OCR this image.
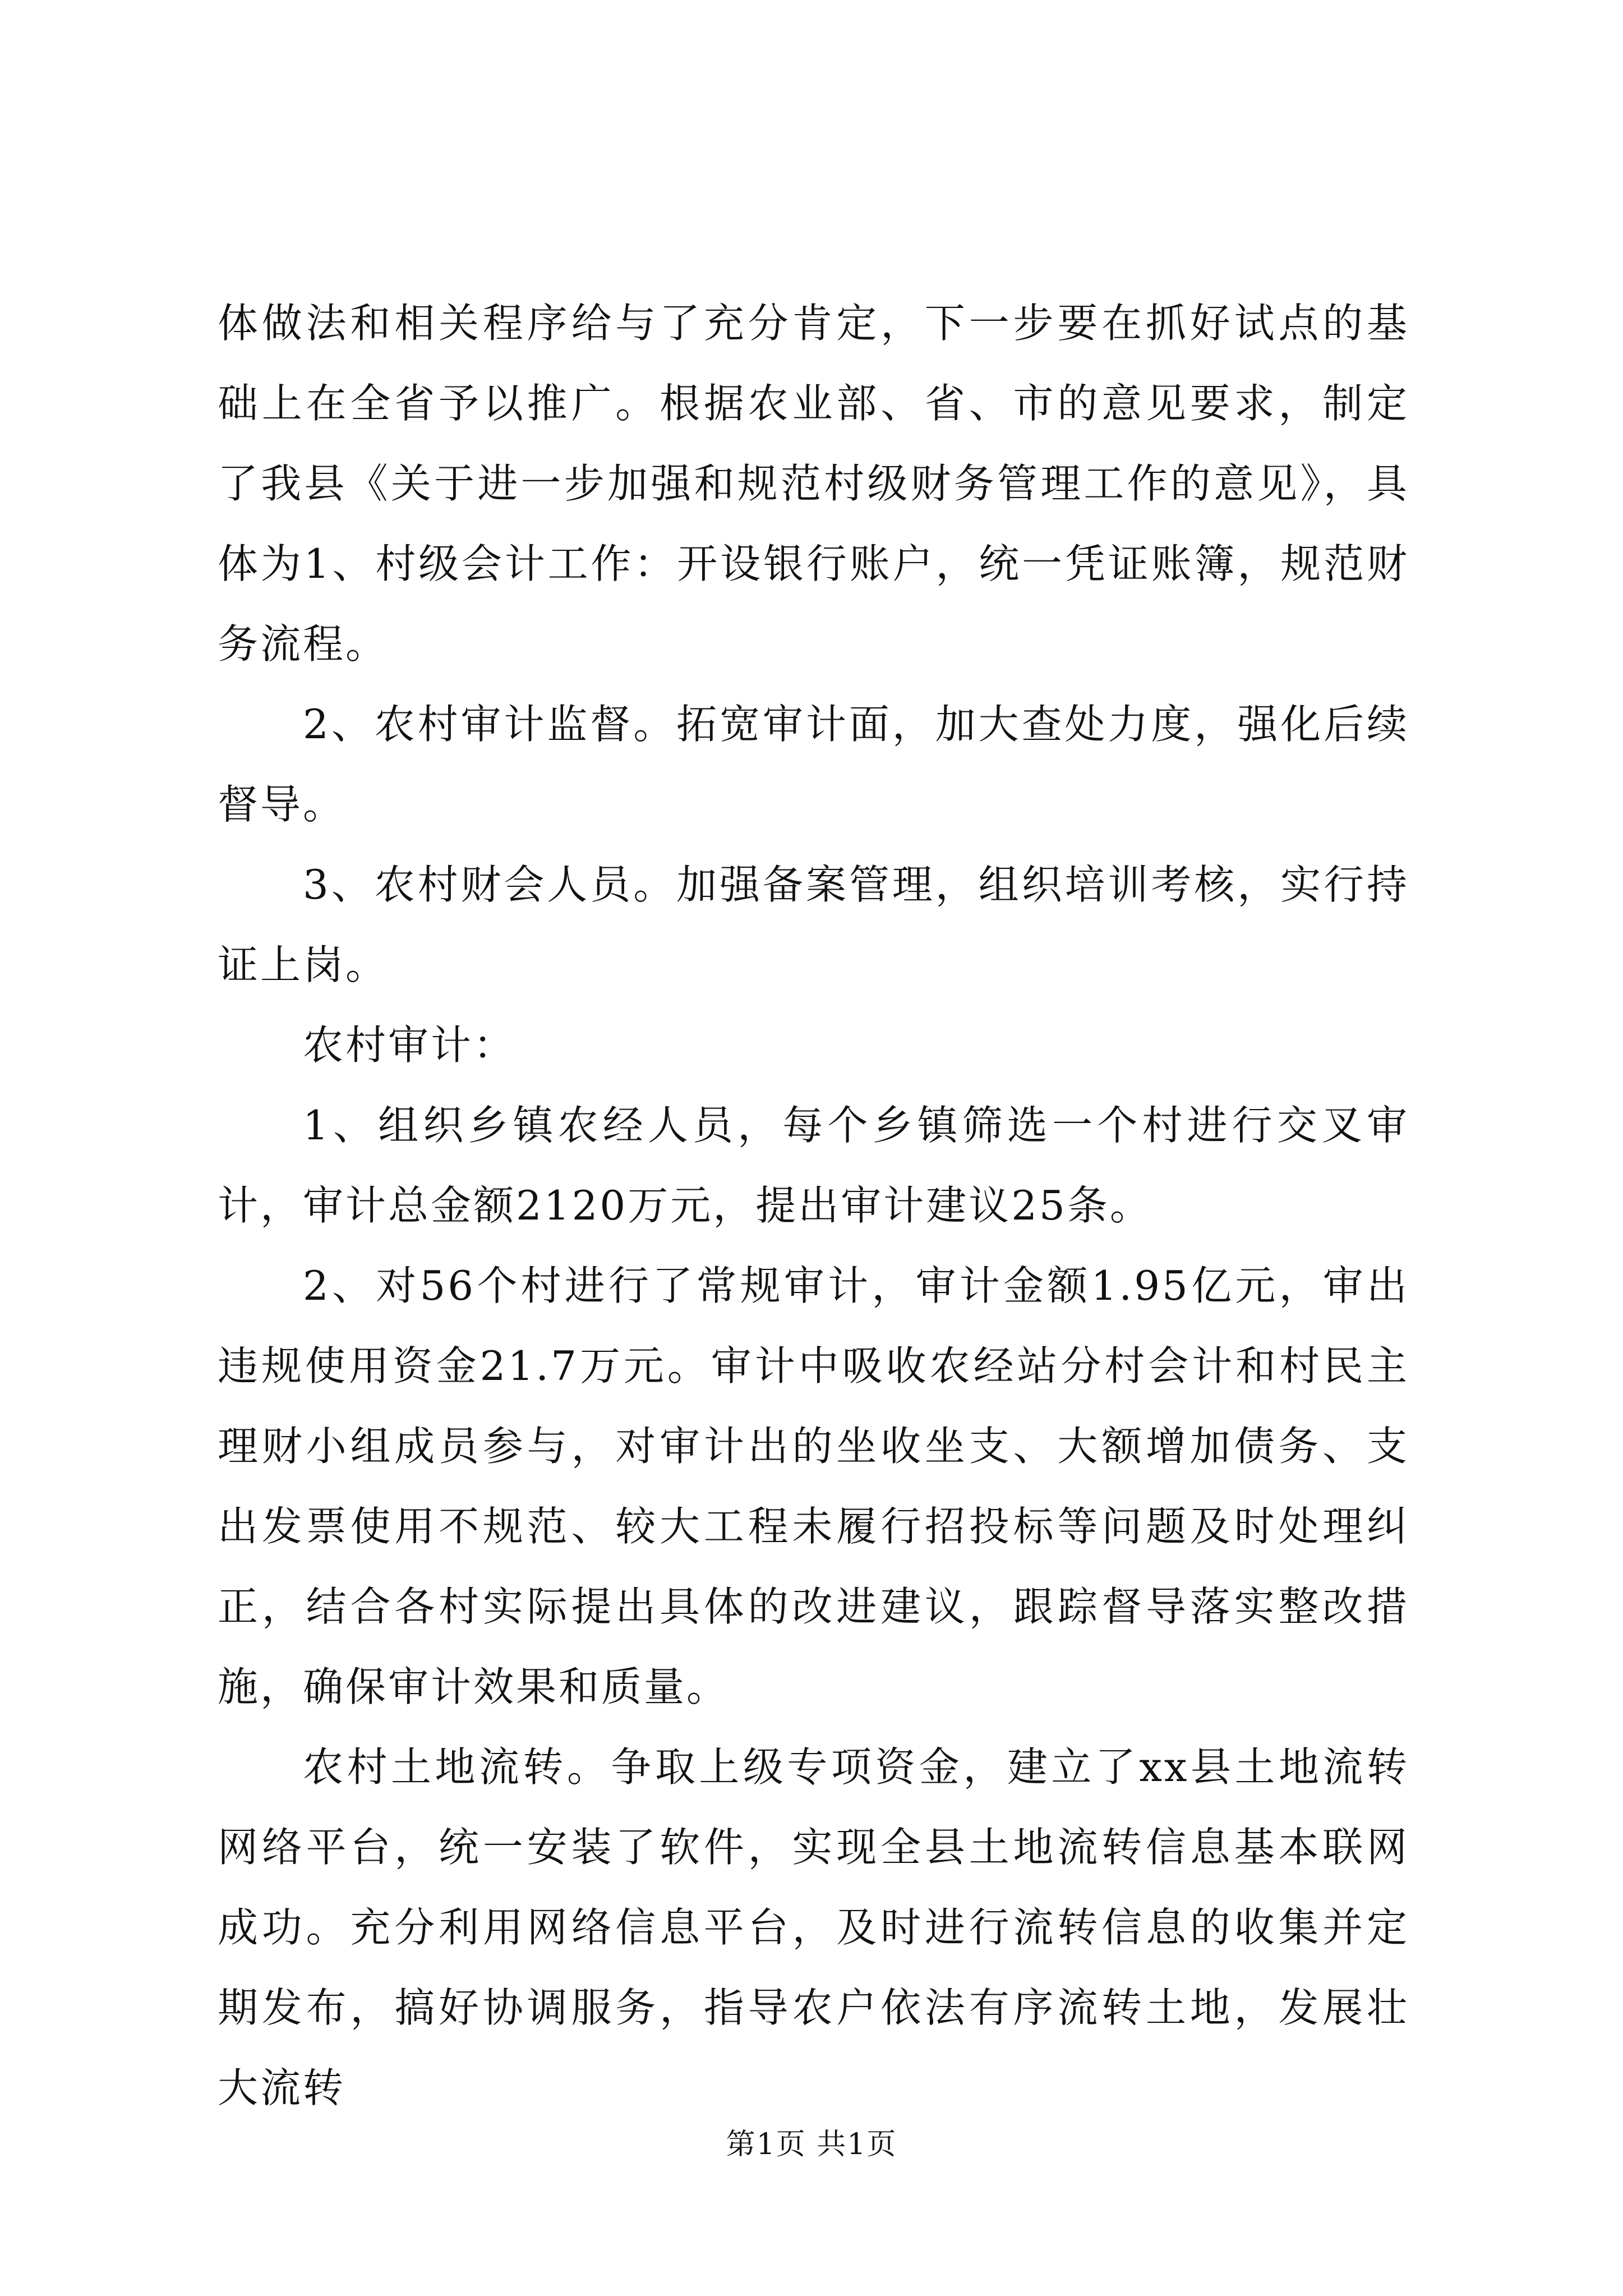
体做法和相关程序给与了充分肯定，下一步要在抓好试点的基础上在全省予以推广。根据农业部、省、市的意见要求，制定了我县《关于进一步加强和规范村级财务管理工作的意见》，具体为1、村级会计工作：开设银行账户，统一凭证账簿，规范财务流程。

2、农村审计监督。拓宽审计面，加大查处力度，强化后续督导。

3、农村财会人员。加强备案管理，组织培训考核，实行持证上岗。

农村审计：

1、组织乡镇农经人员，每个乡镇筛选一个村进行交叉审计，审计总金额2120万元，提出审计建议25条。

2、对56个村进行了常规审计，审计金额1.95亿元，审出违规使用资金21.7万元。审计中吸收农经站分村会计和村民主理财小组成员参与，对审计出的坐收坐支、大额增加债务、支出发票使用不规范、较大工程未履行招投标等问题及时处理纠正，结合各村实际提出具体的改进建议，跟踪督导落实整改措施，确保审计效果和质量。

农村土地流转。争取上级专项资金，建立了xx县土地流转网络平台，统一安装了软件，实现全县土地流转信息基本联网成功。充分利用网络信息平台，及时进行流转信息的收集并定期发布，搞好协调服务，指导农户依法有序流转土地，发展壮大流转

第1页 共1页
